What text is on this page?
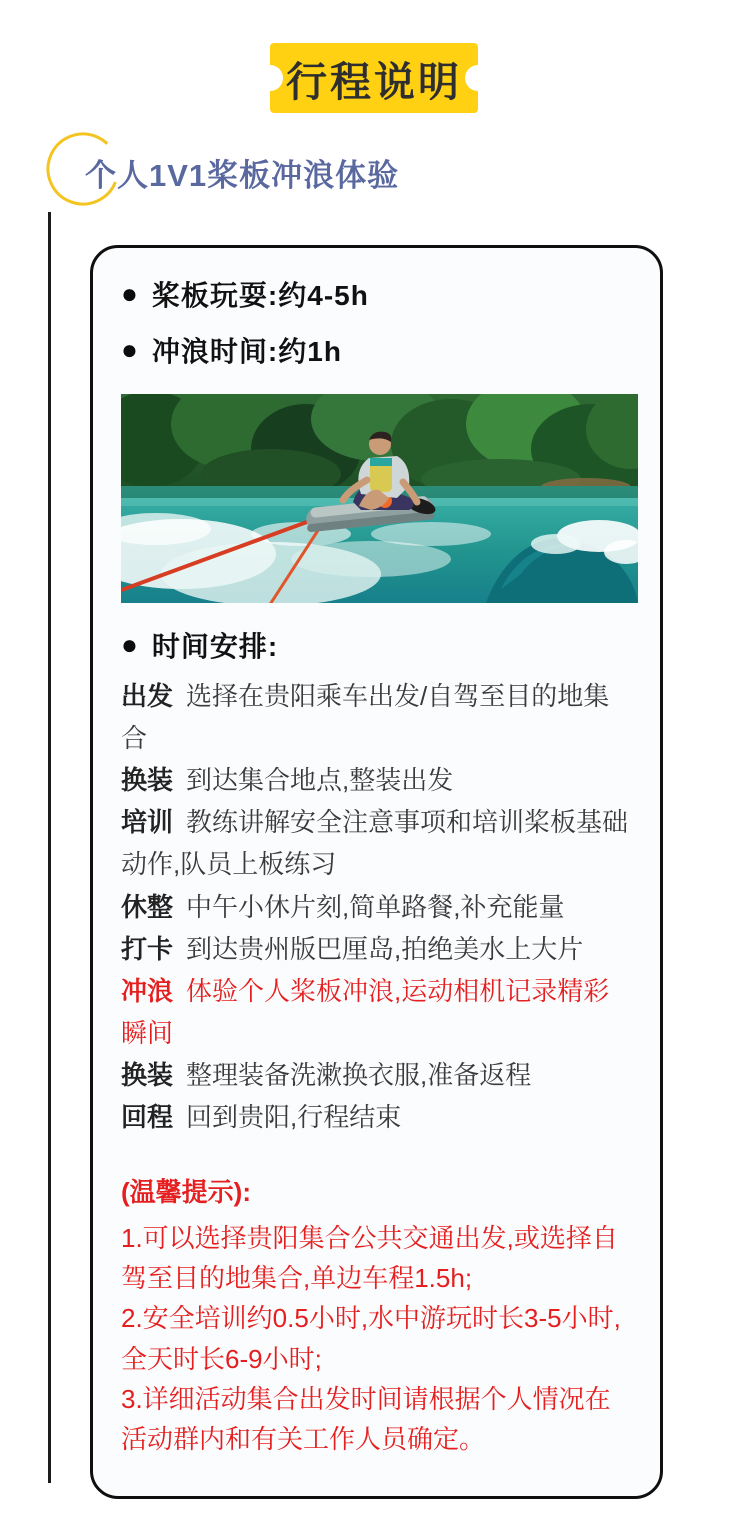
行程说明
个人1V1桨板冲浪体验
● 桨板玩耍:约4-5h
● 冲浪时间:约1h
● 时间安排:

出发 选择在贵阳乘车出发/自驾至目的地集合

换装 到达集合地点,整装出发

培训 教练讲解安全注意事项和培训桨板基础动作,队员上板练习

休整 中午小休片刻,简单路餐,补充能量

打卡 到达贵州版巴厘岛,拍绝美水上大片

冲浪 体验个人桨板冲浪,运动相机记录精彩瞬间

换装 整理装备洗漱换衣服,准备返程

回程 回到贵阳,行程结束

(温馨提示):

1.可以选择贵阳集合公共交通出发,或选择自驾至目的地集合,单边车程1.5h;

2.安全培训约0.5小时,水中游玩时长3-5小时,全天时长6-9小时;

3.详细活动集合出发时间请根据个人情况在活动群内和有关工作人员确定。
